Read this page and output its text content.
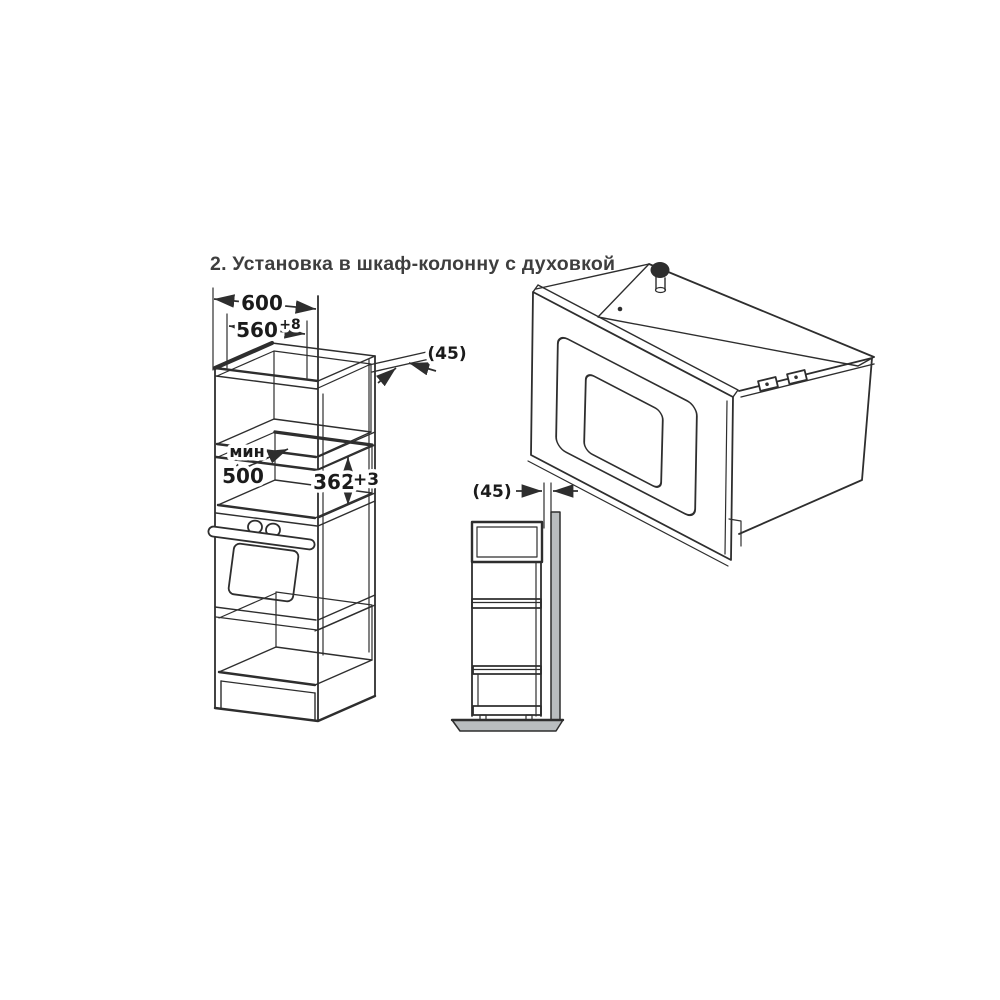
2. Установка в шкаф-колонну с духовкой
600
560 +8
(45)
мин
500 362
+3
(45)
